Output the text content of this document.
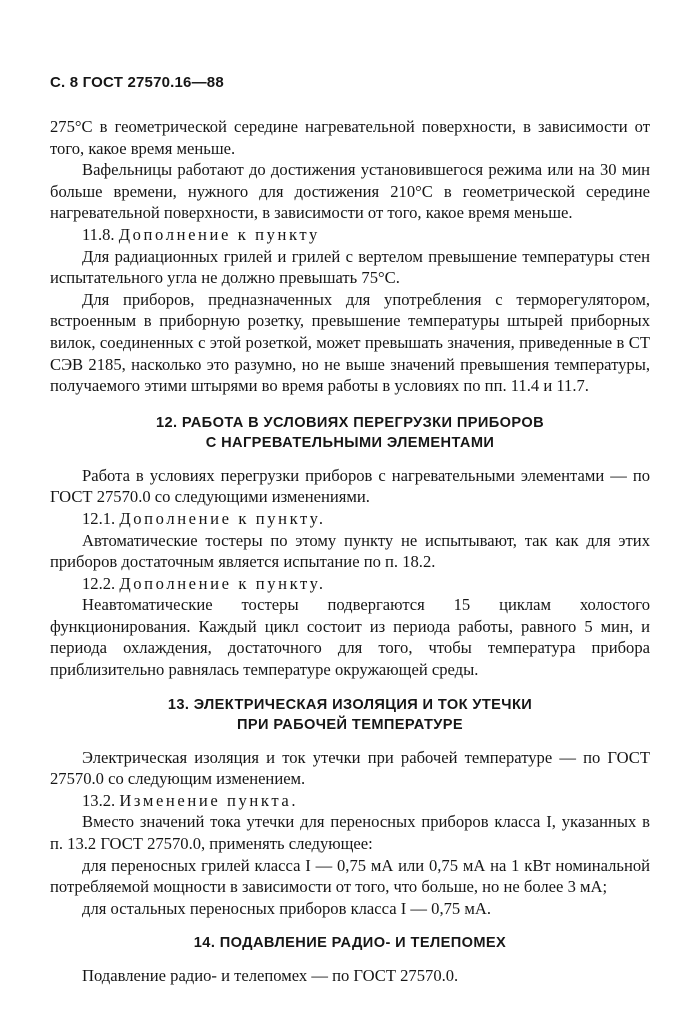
С. 8 ГОСТ 27570.16—88

275°С в геометрической середине нагревательной поверхности, в зависимости от того, какое время меньше.

Вафельницы работают до достижения установившегося режима или на 30 мин больше времени, нужного для достижения 210°С в геометрической середине нагревательной поверхности, в зависимости от того, какое время меньше.

11.8. Дополнение к пункту

Для радиационных грилей и грилей с вертелом превышение температуры стен испытательного угла не должно превышать 75°С.

Для приборов, предназначенных для употребления с терморегулятором, встроенным в приборную розетку, превышение температуры штырей приборных вилок, соединенных с этой розеткой, может превышать значения, приведенные в СТ СЭВ 2185, насколько это разумно, но не выше значений превышения температуры, получаемого этими штырями во время работы в условиях по пп. 11.4 и 11.7.

12. РАБОТА В УСЛОВИЯХ ПЕРЕГРУЗКИ ПРИБОРОВ

С НАГРЕВАТЕЛЬНЫМИ ЭЛЕМЕНТАМИ

Работа в условиях перегрузки приборов с нагревательными элементами — по ГОСТ 27570.0 со следующими изменениями.

12.1. Дополнение к пункту.

Автоматические тостеры по этому пункту не испытывают, так как для этих приборов достаточным является испытание по п. 18.2.

12.2. Дополнение к пункту.

Неавтоматические тостеры подвергаются 15 циклам холостого функционирования. Каждый цикл состоит из периода работы, равного 5 мин, и периода охлаждения, достаточного для того, чтобы температура прибора приблизительно равнялась температуре окружающей среды.

13. ЭЛЕКТРИЧЕСКАЯ ИЗОЛЯЦИЯ И ТОК УТЕЧКИ

ПРИ РАБОЧЕЙ ТЕМПЕРАТУРЕ

Электрическая изоляция и ток утечки при рабочей температуре — по ГОСТ 27570.0 со следующим изменением.

13.2. Изменение пункта.

Вместо значений тока утечки для переносных приборов класса I, указанных в п. 13.2 ГОСТ 27570.0, применять следующее:

для переносных грилей класса I — 0,75 мА или 0,75 мА на 1 кВт номинальной потребляемой мощности в зависимости от того, что больше, но не более 3 мА;

для остальных переносных приборов класса I — 0,75 мА.

14. ПОДАВЛЕНИЕ РАДИО- И ТЕЛЕПОМЕХ

Подавление радио- и телепомех — по ГОСТ 27570.0.
